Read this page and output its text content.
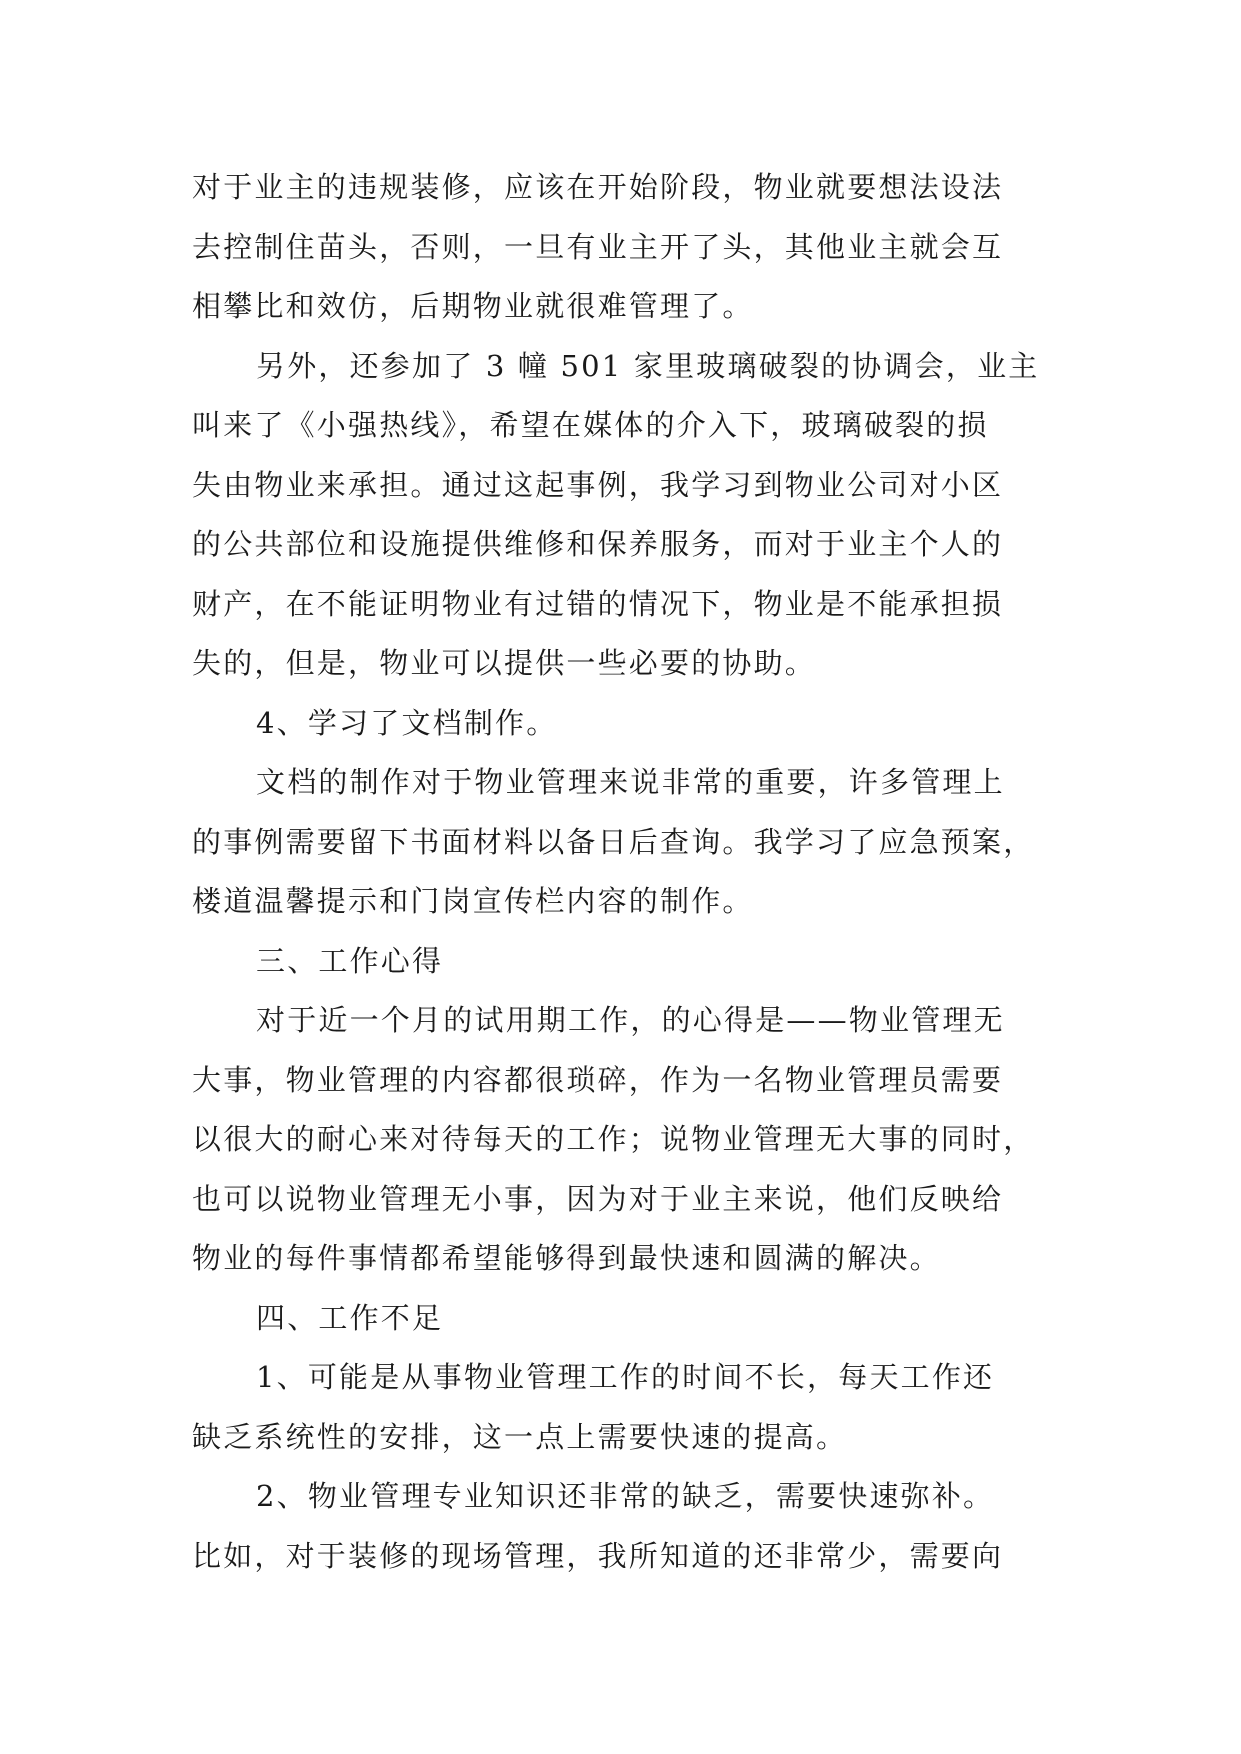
对于业主的违规装修，应该在开始阶段，物业就要想法设法
去控制住苗头，否则，一旦有业主开了头，其他业主就会互
相攀比和效仿，后期物业就很难管理了。

另外，还参加了 3 幢 501 家里玻璃破裂的协调会，业主
叫来了《小强热线》，希望在媒体的介入下，玻璃破裂的损
失由物业来承担。通过这起事例，我学习到物业公司对小区
的公共部位和设施提供维修和保养服务，而对于业主个人的
财产，在不能证明物业有过错的情况下，物业是不能承担损
失的，但是，物业可以提供一些必要的协助。

4、学习了文档制作。

文档的制作对于物业管理来说非常的重要，许多管理上
的事例需要留下书面材料以备日后查询。我学习了应急预案，
楼道温馨提示和门岗宣传栏内容的制作。

三、工作心得

对于近一个月的试用期工作，的心得是——物业管理无
大事，物业管理的内容都很琐碎，作为一名物业管理员需要
以很大的耐心来对待每天的工作；说物业管理无大事的同时，
也可以说物业管理无小事，因为对于业主来说，他们反映给
物业的每件事情都希望能够得到最快速和圆满的解决。

四、工作不足

1、可能是从事物业管理工作的时间不长，每天工作还
缺乏系统性的安排，这一点上需要快速的提高。

2、物业管理专业知识还非常的缺乏，需要快速弥补。
比如，对于装修的现场管理，我所知道的还非常少，需要向
